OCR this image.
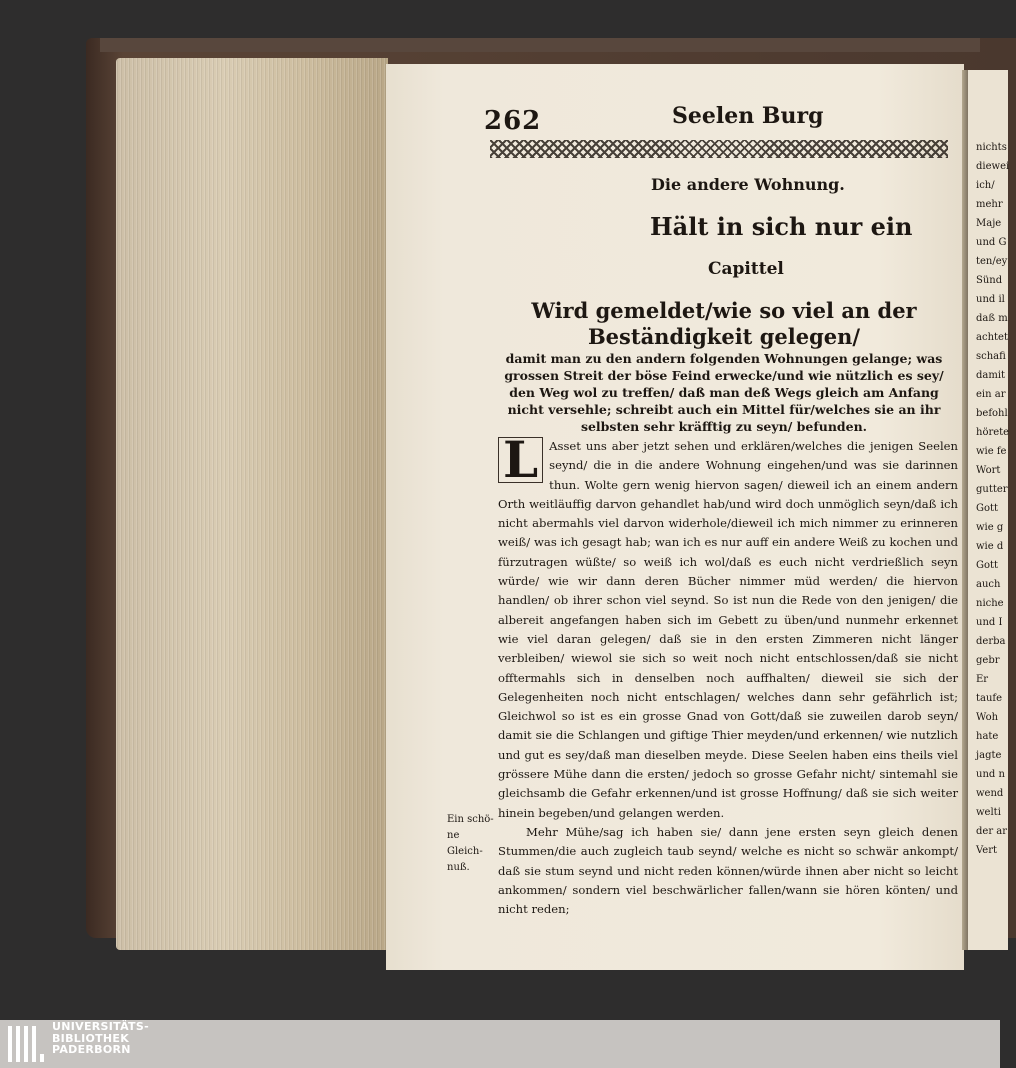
262	Seelen Burg

Die andere Wohnung.

Hält in sich nur ein

Capittel

Wird gemeldet/wie so viel an der Beständigkeit gelegen/
damit man zu den andern folgenden Wohnungen gelange; was grossen Streit der böse Feind erwecke/und wie nützlich es sey/ den Weg wol zu treffen/ daß man deß Wegs gleich am Anfang nicht versehle; schreibt auch ein Mittel für/welches sie an ihr selbsten sehr kräfftig zu seyn/ befunden.
L Asset uns aber jetzt sehen und erklären/welches die jenigen Seelen seynd/ die in die andere Wohnung eingehen/und was sie darinnen thun. Wolte gern wenig hiervon sagen/ dieweil ich an einem andern Orth weitläuffig darvon gehandlet hab/und wird doch unmöglich seyn/daß ich nicht abermahls viel darvon widerhole/dieweil ich mich nimmer zu erinneren weiß/ was ich gesagt hab; wan ich es nur auff ein andere Weiß zu kochen und fürzutragen wüßte/ so weiß ich wol/daß es euch nicht verdrießlich seyn würde/ wie wir dann deren Bücher nimmer müd werden/ die hiervon handlen/ ob ihrer schon viel seynd. So ist nun die Rede von den jenigen/ die albereit angefangen haben sich im Gebett zu üben/und nunmehr erkennet wie viel daran gelegen/ daß sie in den ersten Zimmeren nicht länger verbleiben/ wiewol sie sich so weit noch nicht entschlossen/daß sie nicht offtermahls sich in denselben noch auffhalten/ dieweil sie sich der Gelegenheiten noch nicht entschlagen/ welches dann sehr gefährlich ist; Gleichwol so ist es ein grosse Gnad von Gott/daß sie zuweilen darob seyn/ damit sie die Schlangen und giftige Thier meyden/und erkennen/ wie nutzlich und gut es sey/daß man dieselben meyde. Diese Seelen haben eins theils viel grössere Mühe dann die ersten/ jedoch so grosse Gefahr nicht/ sintemahl sie gleichsamb die Gefahr erkennen/und ist grosse Hoffnung/ daß sie sich weiter hinein begeben/und gelangen werden.
Mehr Mühe/sag ich haben sie/ dann jene ersten seyn gleich denen Stummen/die auch zugleich taub seynd/ welche es nicht so schwär ankompt/ daß sie stum seynd und nicht reden können/würde ihnen aber nicht so leicht ankommen/ sondern viel beschwärlicher fallen/wann sie hören könten/ und nicht reden;

Ein schö-ne Gleich-nuß.

nichts
diewei
ich/
mehr
Maje
und G
ten/ey
Sünd
und il
daß m
achtet
schafi
damit
ein ar
befohl
hörete
wie fe
Wort
gutter
Gott
wie g
wie d
Gott
auch
niche
und I
derba
gebr
Er
taufe
Woh
hate
jagte
und n
wend
welti
der ar
Vert
UNIVERSITÄTS-
BIBLIOTHEK
PADERBORN
